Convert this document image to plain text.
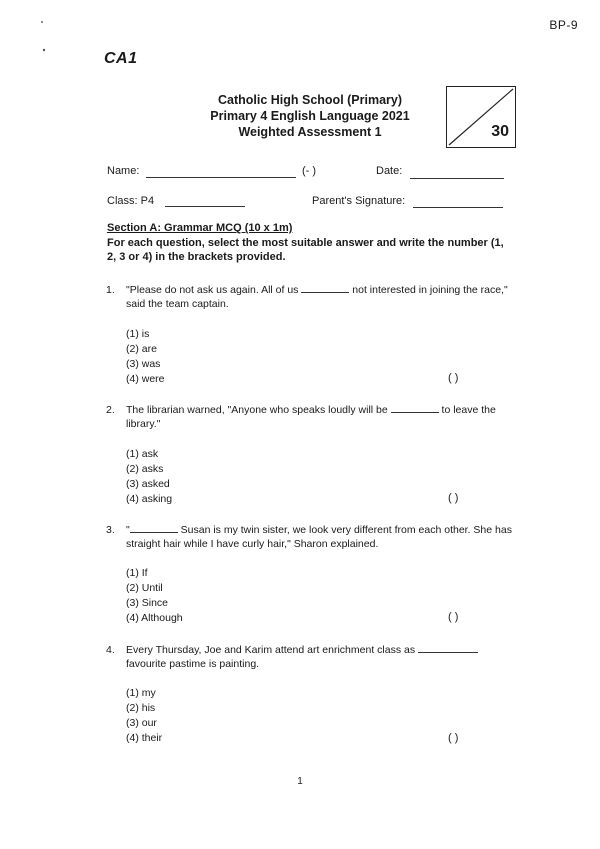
BP-9
CA1
Catholic High School (Primary)
Primary 4 English Language 2021
Weighted Assessment 1	30
Name:	(- )	Date:
Class: P4	Parent's Signature:
Section A: Grammar MCQ (10 x 1m)
For each question, select the most suitable answer and write the number (1, 2, 3 or 4) in the brackets provided.
1. "Please do not ask us again. All of us	not interested in joining the race," said the team captain.
(1) is
(2) are
(3) was
(4) were	( )
2. The librarian warned, "Anyone who speaks loudly will be	to leave the library."
(1) ask
(2) asks
(3) asked
(4) asking	( )
3. "	Susan is my twin sister, we look very different from each other. She has straight hair while I have curly hair," Sharon explained.
(1) If
(2) Until
(3) Since
(4) Although	( )
4. Every Thursday, Joe and Karim attend art enrichment class as  favourite pastime is painting.
(1) my
(2) his
(3) our
(4) their	( )
1
